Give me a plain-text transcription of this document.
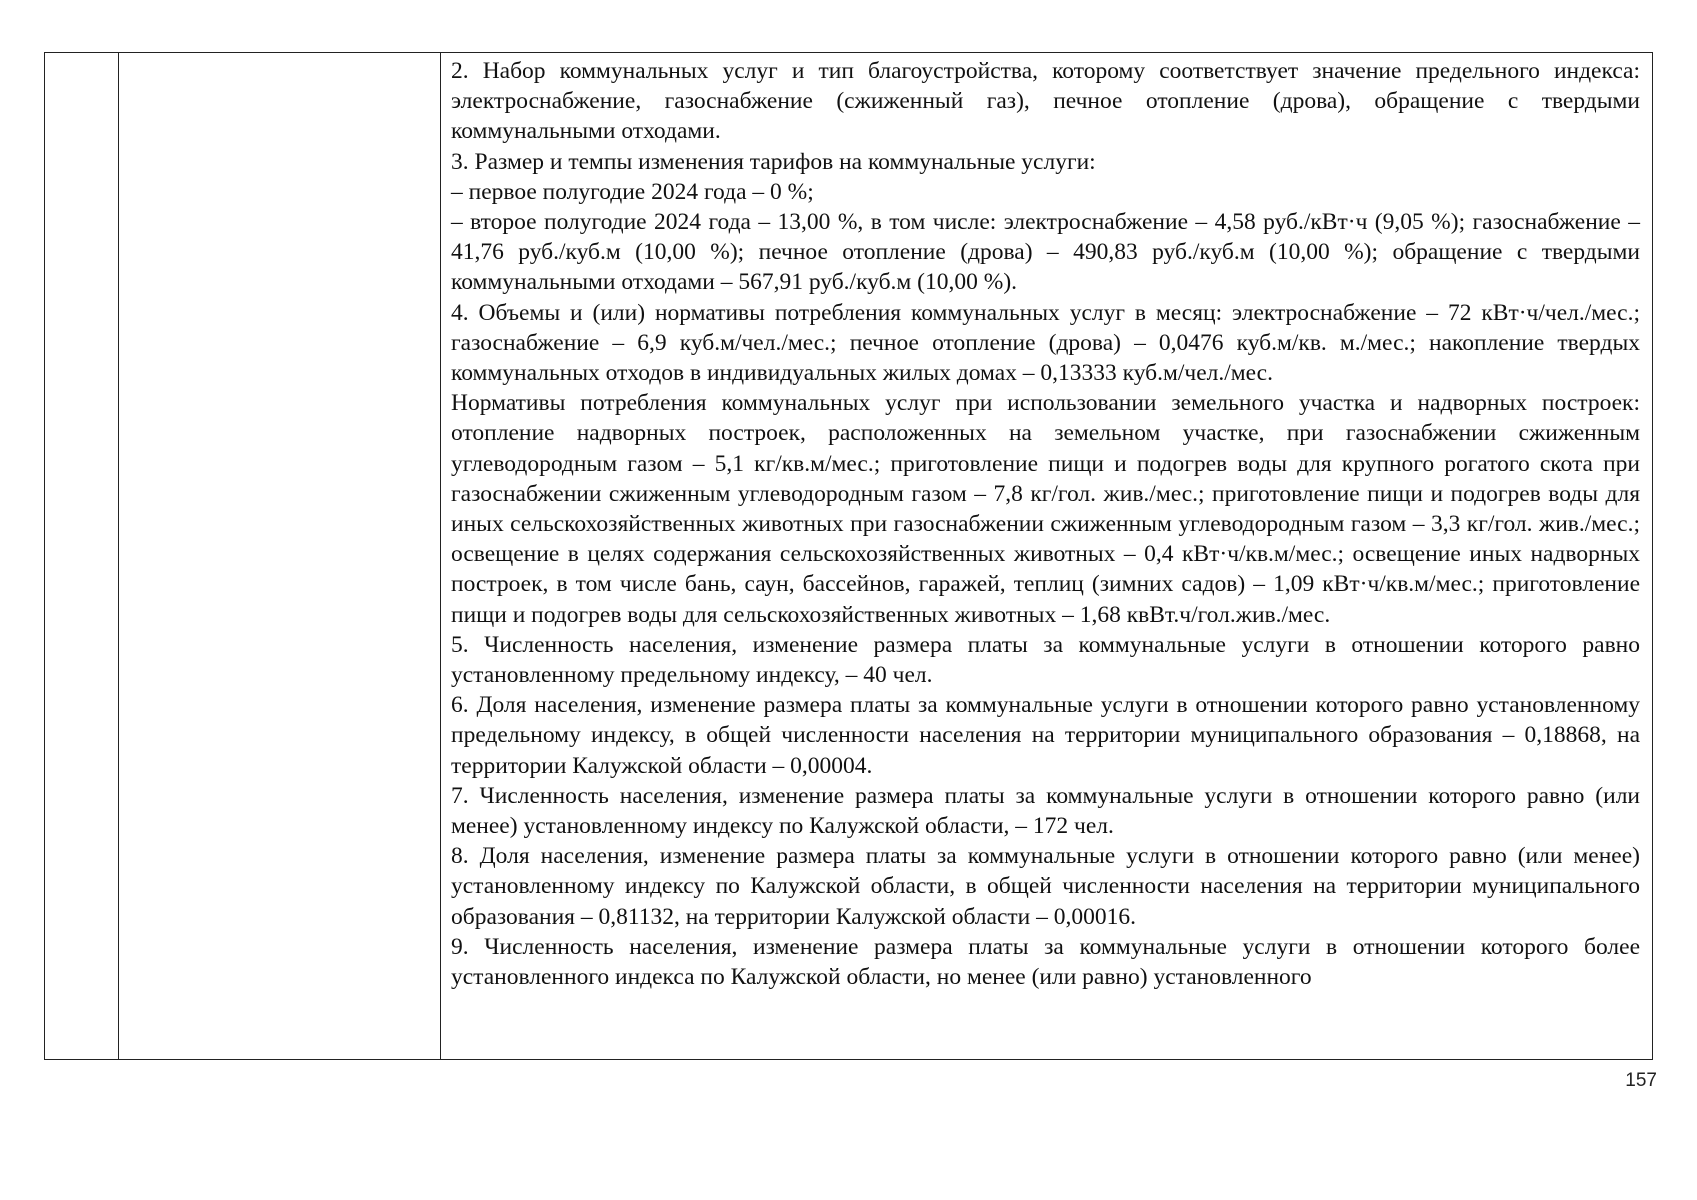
2. Набор коммунальных услуг и тип благоустройства, которому соответствует значение предельного индекса: электроснабжение, газоснабжение (сжиженный газ), печное отопление (дрова), обращение с твердыми коммунальными отходами.

3. Размер и темпы изменения тарифов на коммунальные услуги:

– первое полугодие 2024 года – 0 %;

– второе полугодие 2024 года – 13,00 %, в том числе: электроснабжение – 4,58 руб./кВт·ч (9,05 %); газоснабжение – 41,76 руб./куб.м (10,00 %); печное отопление (дрова) – 490,83 руб./куб.м (10,00 %); обращение с твердыми коммунальными отходами – 567,91 руб./куб.м (10,00 %).

4. Объемы и (или) нормативы потребления коммунальных услуг в месяц: электроснабжение – 72 кВт·ч/чел./мес.; газоснабжение – 6,9 куб.м/чел./мес.; печное отопление (дрова) – 0,0476 куб.м/кв. м./мес.; накопление твердых коммунальных отходов в индивидуальных жилых домах – 0,13333 куб.м/чел./мес.

Нормативы потребления коммунальных услуг при использовании земельного участка и надворных построек: отопление надворных построек, расположенных на земельном участке, при газоснабжении сжиженным углеводородным газом – 5,1 кг/кв.м/мес.; приготовление пищи и подогрев воды для крупного рогатого скота при газоснабжении сжиженным углеводородным газом – 7,8 кг/гол. жив./мес.; приготовление пищи и подогрев воды для иных сельскохозяйственных животных при газоснабжении сжиженным углеводородным газом – 3,3 кг/гол. жив./мес.; освещение в целях содержания сельскохозяйственных животных – 0,4 кВт·ч/кв.м/мес.; освещение иных надворных построек, в том числе бань, саун, бассейнов, гаражей, теплиц (зимних садов) – 1,09 кВт·ч/кв.м/мес.; приготовление пищи и подогрев воды для сельскохозяйственных животных – 1,68 квВт.ч/гол.жив./мес.

5. Численность населения, изменение размера платы за коммунальные услуги в отношении которого равно установленному предельному индексу, – 40 чел.

6. Доля населения, изменение размера платы за коммунальные услуги в отношении которого равно установленному предельному индексу, в общей численности населения на территории муниципального образования – 0,18868, на территории Калужской области – 0,00004.

7. Численность населения, изменение размера платы за коммунальные услуги в отношении которого равно (или менее) установленному индексу по Калужской области, – 172 чел.

8. Доля населения, изменение размера платы за коммунальные услуги в отношении которого равно (или менее) установленному индексу по Калужской области, в общей численности населения на территории муниципального образования – 0,81132, на территории Калужской области – 0,00016.

9. Численность населения, изменение размера платы за коммунальные услуги в отношении которого более установленного индекса по Калужской области, но менее (или равно) установленного

157
